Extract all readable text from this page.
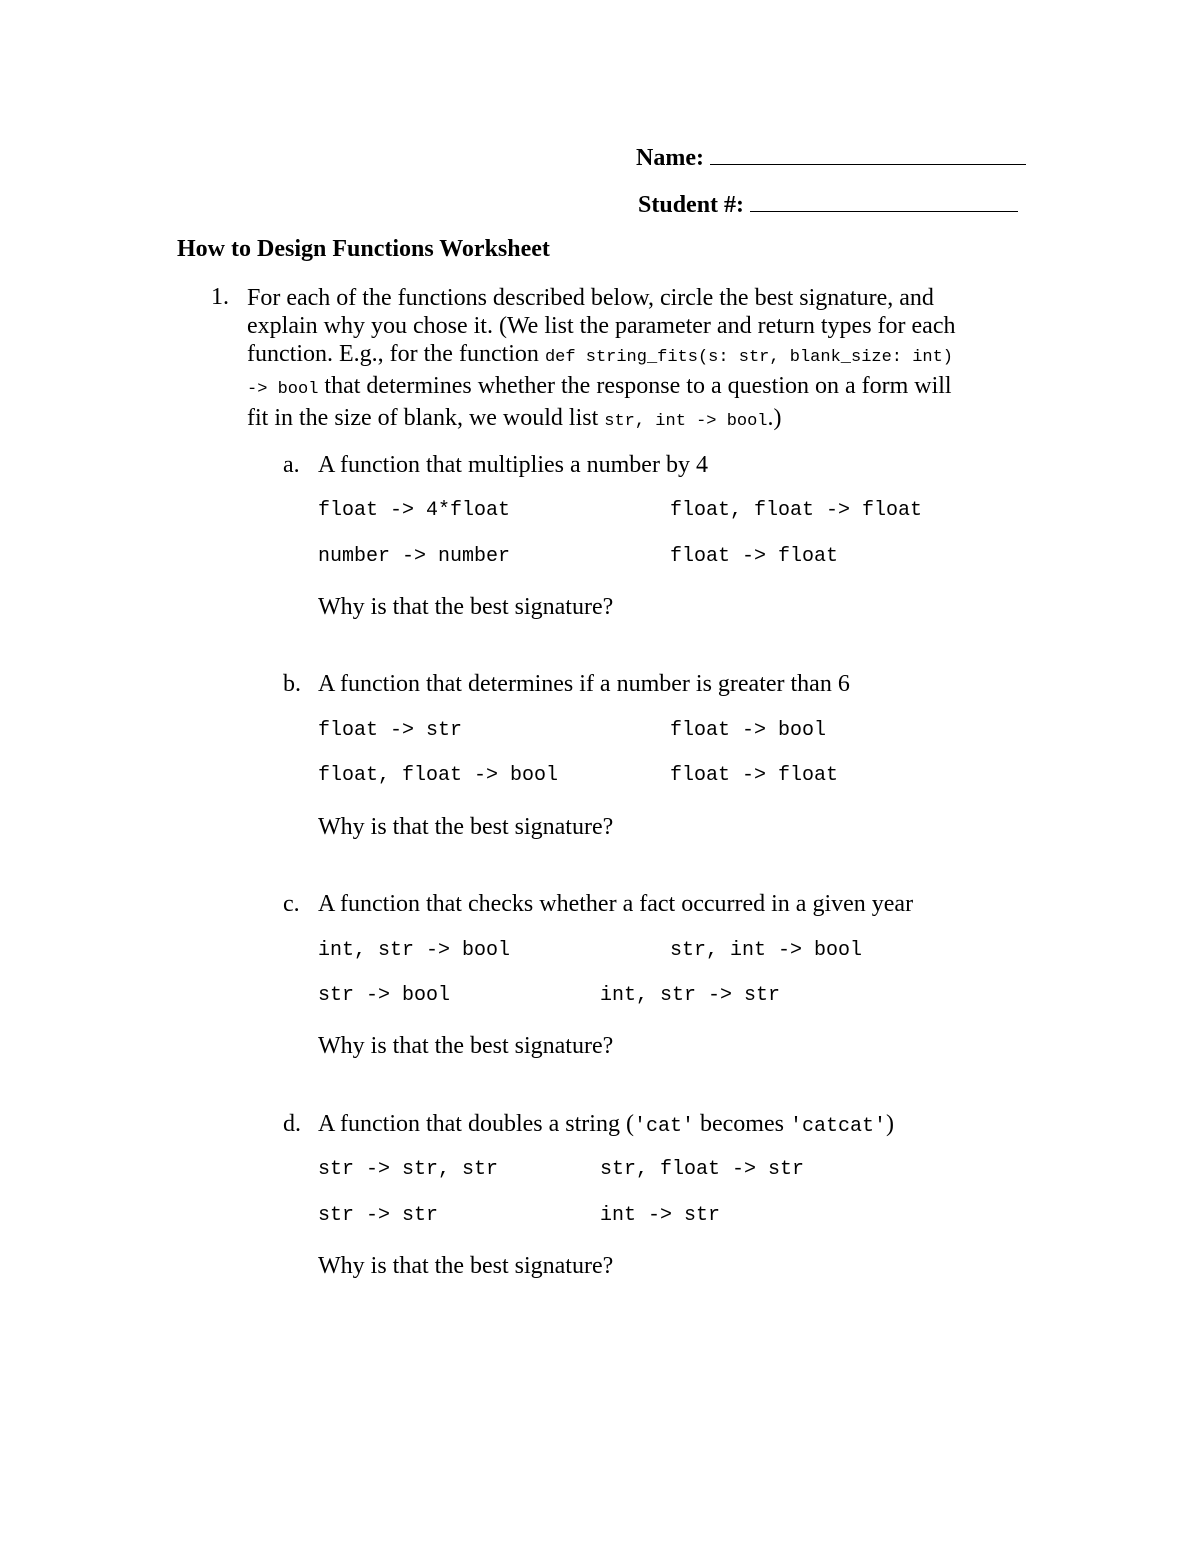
Name:
Student #:
How to Design Functions Worksheet
1. For each of the functions described below, circle the best signature, and
explain why you chose it. (We list the parameter and return types for each
function. E.g., for the function def string_fits(s: str, blank_size: int)
-> bool that determines whether the response to a question on a form will
fit in the size of blank, we would list str, int -> bool.)
a. A function that multiplies a number by 4
float -> 4*float	float, float -> float
number -> number	float -> float
Why is that the best signature?
b. A function that determines if a number is greater than 6
float -> str	float -> bool
float, float -> bool	float -> float
Why is that the best signature?
c. A function that checks whether a fact occurred in a given year
int, str -> bool	str, int -> bool
str -> bool	int, str -> str
Why is that the best signature?
d. A function that doubles a string ('cat' becomes 'catcat')
str -> str, str	str, float -> str
str -> str	int -> str
Why is that the best signature?
